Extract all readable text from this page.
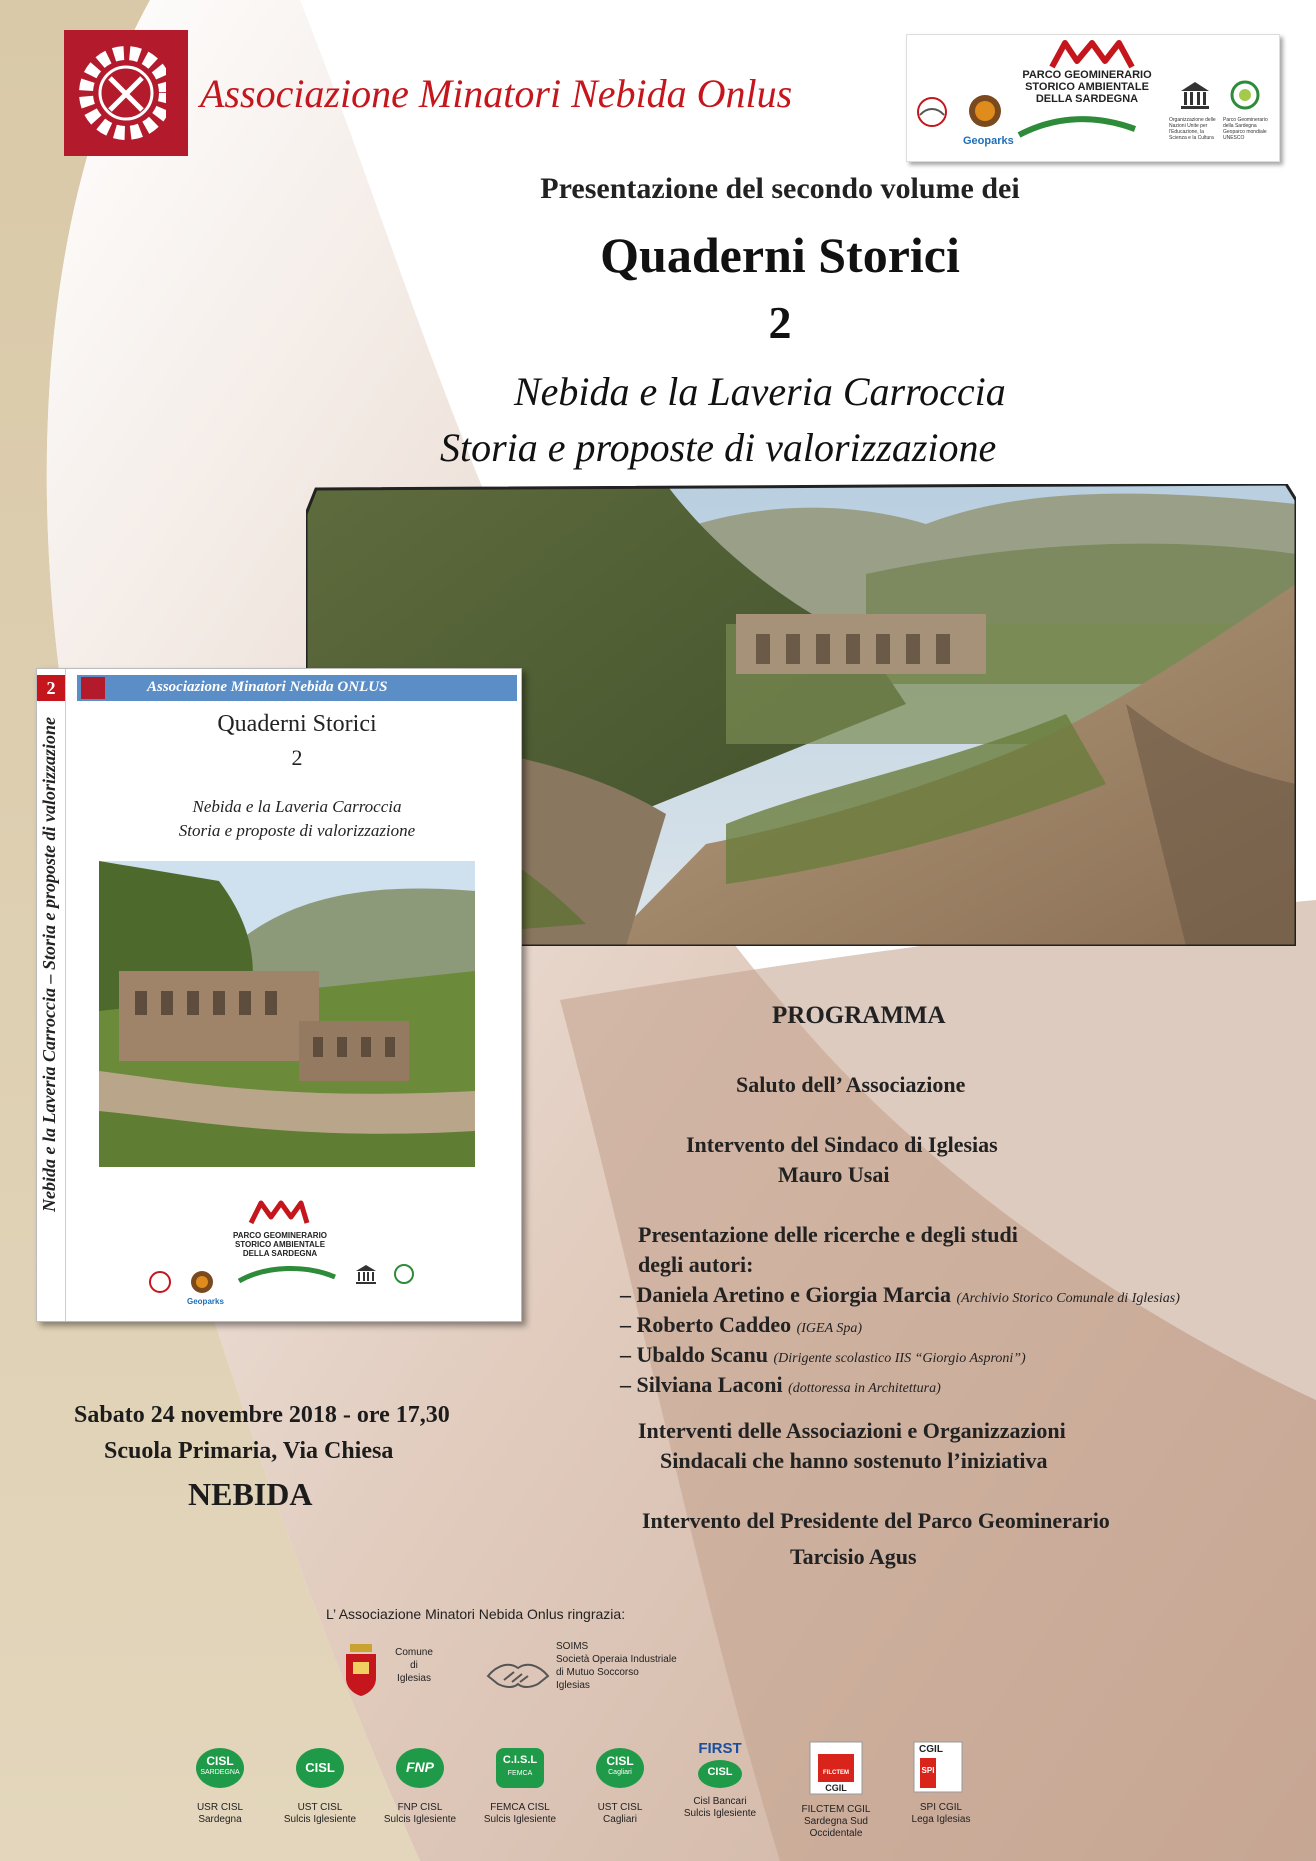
Associazione Minatori Nebida Onlus	PARCO GEOMINERARIO
STORICO AMBIENTALE
DELLA SARDEGNA
Geoparks
Organizzazione delle Nazioni Unite per l'Educazione, la Scienza e la Cultura
Parco Geominerario della Sardegna Geoparco mondiale UNESCO
Presentazione del secondo volume dei
Quaderni Storici
2
Nebida e la Laveria Carroccia
Storia e proposte di valorizzazione
2
Nebida e la Laveria Carroccia – Storia e proposte di valorizzazione
Associazione Minatori Nebida ONLUS
Quaderni Storici
2
Nebida e la Laveria Carroccia
Storia e proposte di valorizzazione
PARCO GEOMINERARIO
STORICO AMBIENTALE
DELLA SARDEGNA
Geoparks
PROGRAMMA
Saluto dell’ Associazione
Intervento del Sindaco di Iglesias
Mauro Usai
Presentazione delle ricerche e degli studi
degli autori:
– Daniela Aretino e Giorgia Marcia (Archivio Storico Comunale di Iglesias)
– Roberto Caddeo (IGEA Spa)
– Ubaldo Scanu (Dirigente scolastico IIS “Giorgio Asproni”)
– Silviana Laconi (dottoressa in Architettura)
Interventi delle Associazioni e Organizzazioni
Sindacali che hanno sostenuto l’iniziativa
Intervento del Presidente del Parco Geominerario
Tarcisio Agus
Sabato 24 novembre 2018 - ore 17,30
Scuola Primaria, Via Chiesa
NEBIDA
L’ Associazione Minatori Nebida Onlus ringrazia:
Comune
di
Iglesias
SOIMS
Società Operaia Industriale
di Mutuo Soccorso
Iglesias
CISL
SARDEGNA
USR CISL
Sardegna
CISL
UST CISL
Sulcis Iglesiente
FNP
FNP CISL
Sulcis Iglesiente
C.I.S.L
FEMCA
FEMCA CISL
Sulcis Iglesiente
CISL
Cagliari
UST CISL
Cagliari
FIRST
CISL
Cisl Bancari
Sulcis Iglesiente
FILCTEM
CGIL
FILCTEM CGIL
Sardegna Sud
Occidentale
CGIL
SPI
SPI CGIL
Lega Iglesias
